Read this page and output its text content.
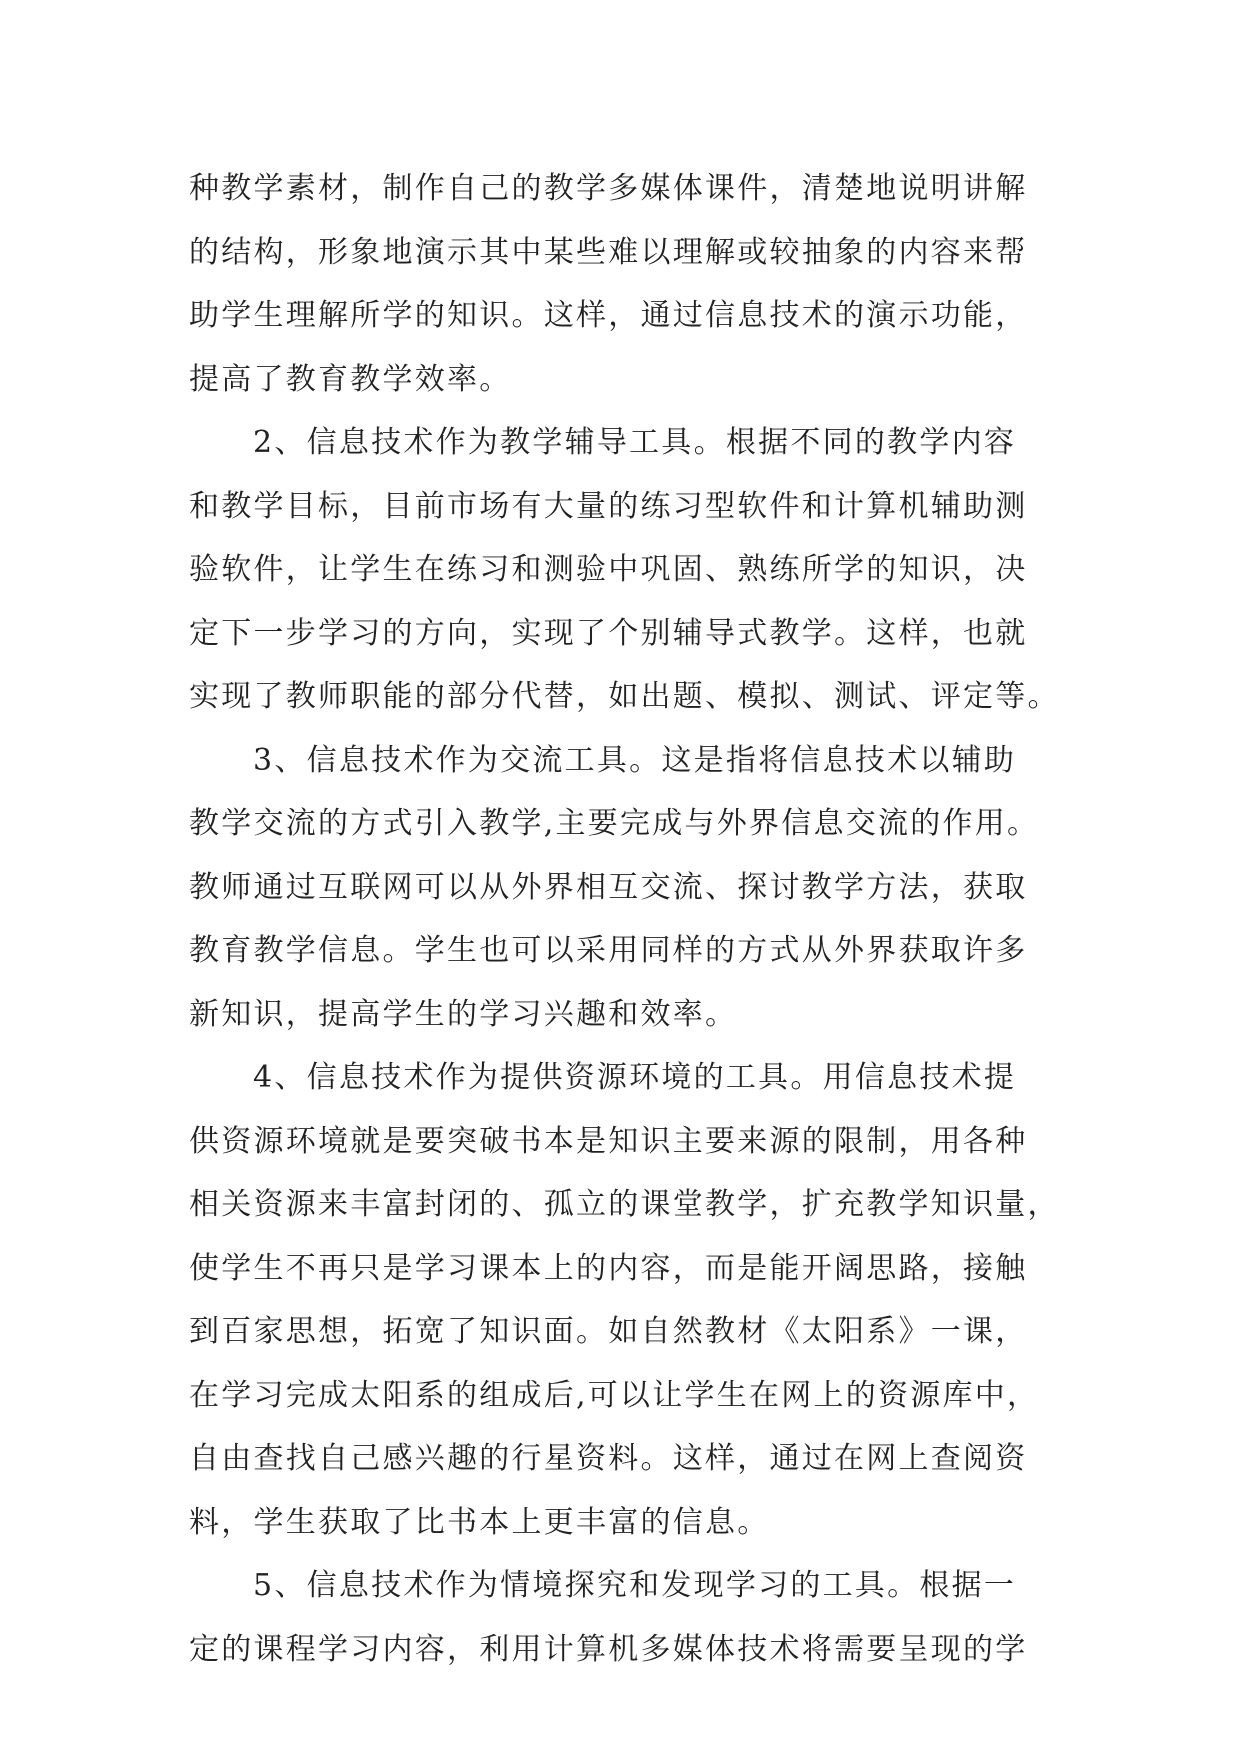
种教学素材，制作自己的教学多媒体课件，清楚地说明讲解
的结构，形象地演示其中某些难以理解或较抽象的内容来帮
助学生理解所学的知识。这样，通过信息技术的演示功能，
提高了教育教学效率。
2、信息技术作为教学辅导工具。根据不同的教学内容
和教学目标，目前市场有大量的练习型软件和计算机辅助测
验软件，让学生在练习和测验中巩固、熟练所学的知识，决
定下一步学习的方向，实现了个别辅导式教学。这样，也就
实现了教师职能的部分代替，如出题、模拟、测试、评定等。
3、信息技术作为交流工具。这是指将信息技术以辅助
教学交流的方式引入教学,主要完成与外界信息交流的作用。
教师通过互联网可以从外界相互交流、探讨教学方法，获取
教育教学信息。学生也可以采用同样的方式从外界获取许多
新知识，提高学生的学习兴趣和效率。
4、信息技术作为提供资源环境的工具。用信息技术提
供资源环境就是要突破书本是知识主要来源的限制，用各种
相关资源来丰富封闭的、孤立的课堂教学，扩充教学知识量，
使学生不再只是学习课本上的内容，而是能开阔思路，接触
到百家思想，拓宽了知识面。如自然教材《太阳系》一课，
在学习完成太阳系的组成后,可以让学生在网上的资源库中，
自由查找自己感兴趣的行星资料。这样，通过在网上查阅资
料，学生获取了比书本上更丰富的信息。
5、信息技术作为情境探究和发现学习的工具。根据一
定的课程学习内容，利用计算机多媒体技术将需要呈现的学
